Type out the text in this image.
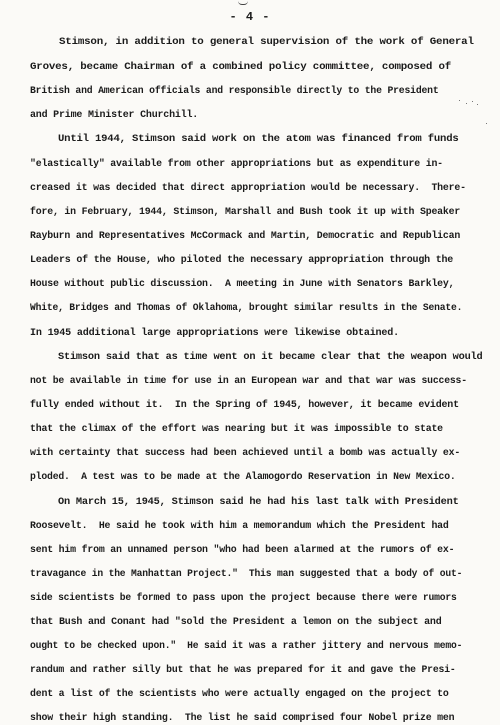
- 4 -
Stimson, in addition to general supervision of the work of General
Groves, became Chairman of a combined policy committee, composed of
British and American officials and responsible directly to the President
and Prime Minister Churchill.
Until 1944, Stimson said work on the atom was financed from funds
"elastically" available from other appropriations but as expenditure in-
creased it was decided that direct appropriation would be necessary.  There-
fore, in February, 1944, Stimson, Marshall and Bush took it up with Speaker
Rayburn and Representatives McCormack and Martin, Democratic and Republican
Leaders of the House, who piloted the necessary appropriation through the
House without public discussion.  A meeting in June with Senators Barkley,
White, Bridges and Thomas of Oklahoma, brought similar results in the Senate.
In 1945 additional large appropriations were likewise obtained.
Stimson said that as time went on it became clear that the weapon would
not be available in time for use in an European war and that war was success-
fully ended without it.  In the Spring of 1945, however, it became evident
that the climax of the effort was nearing but it was impossible to state
with certainty that success had been achieved until a bomb was actually ex-
ploded.  A test was to be made at the Alamogordo Reservation in New Mexico.
On March 15, 1945, Stimson said he had his last talk with President
Roosevelt.  He said he took with him a memorandum which the President had
sent him from an unnamed person "who had been alarmed at the rumors of ex-
travagance in the Manhattan Project."  This man suggested that a body of out-
side scientists be formed to pass upon the project because there were rumors
that Bush and Conant had "sold the President a lemon on the subject and
ought to be checked upon."  He said it was a rather jittery and nervous memo-
randum and rather silly but that he was prepared for it and gave the Presi-
dent a list of the scientists who were actually engaged on the project to
show their high standing.  The list he said comprised four Nobel prize men
